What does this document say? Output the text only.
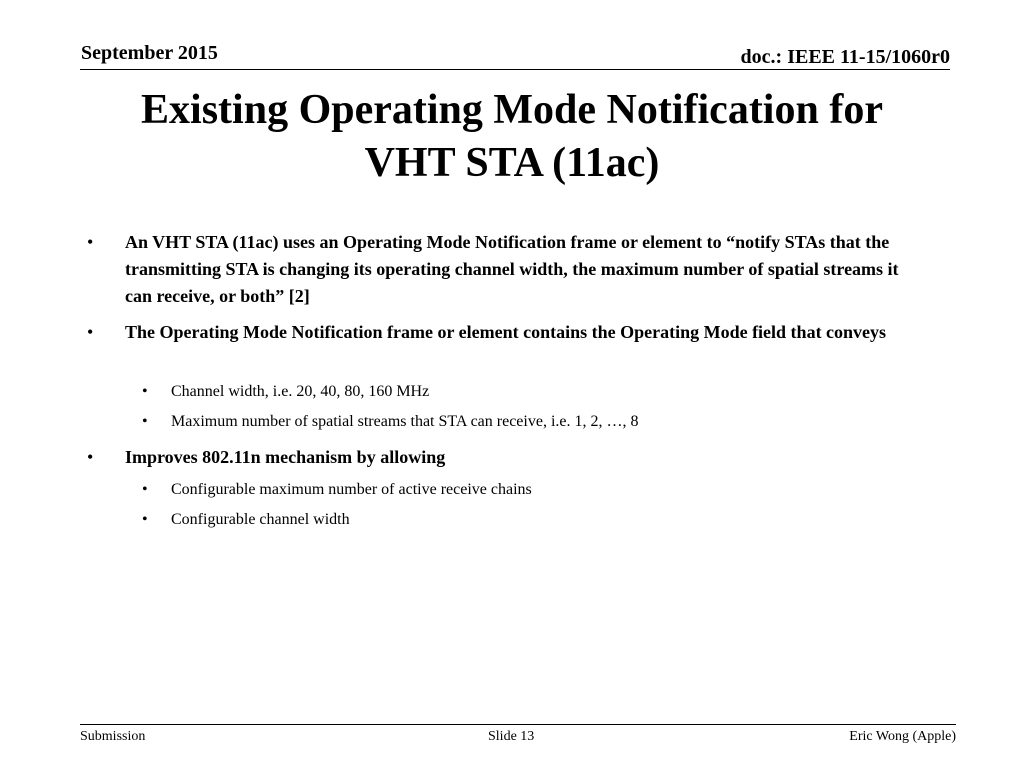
September 2015	doc.: IEEE 11-15/1060r0
Existing Operating Mode Notification for
VHT STA (11ac)
• An VHT STA (11ac) uses an Operating Mode Notification frame or element to “notify STAs that the transmitting STA is changing its operating channel width, the maximum number of spatial streams it can receive, or both” [2]
• The Operating Mode Notification frame or element contains the Operating Mode field that conveys
• Channel width, i.e. 20, 40, 80, 160 MHz
• Maximum number of spatial streams that STA can receive, i.e. 1, 2, …, 8
• Improves 802.11n mechanism by allowing
• Configurable maximum number of active receive chains
• Configurable channel width
Submission	Slide 13	Eric Wong (Apple)
